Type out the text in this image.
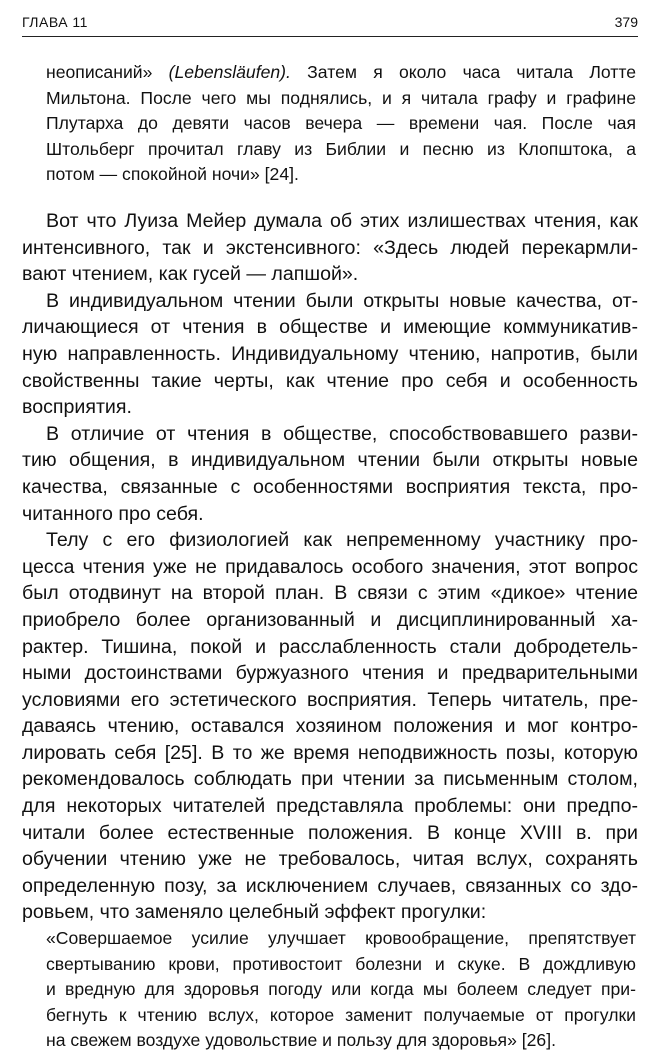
ГЛАВА 11	379
неописаний» (Lebensläufen). Затем я около часа читала Лотте
Мильтона. После чего мы поднялись, и я читала графу и графине
Плутарха до девяти часов вечера — времени чая. После чая
Штольберг прочитал главу из Библии и песню из Клопштока, а
потом — спокойной ночи» [24].
Вот что Луиза Мейер думала об этих излишествах чтения, как
интенсивного, так и экстенсивного: «Здесь людей перекармли-
вают чтением, как гусей — лапшой».
В индивидуальном чтении были открыты новые качества, от-
личающиеся от чтения в обществе и имеющие коммуникатив-
ную направленность. Индивидуальному чтению, напротив, были
свойственны такие черты, как чтение про себя и особенность
восприятия.
В отличие от чтения в обществе, способствовавшего разви-
тию общения, в индивидуальном чтении были открыты новые
качества, связанные с особенностями восприятия текста, про-
читанного про себя.
Телу с его физиологией как непременному участнику про-
цесса чтения уже не придавалось особого значения, этот вопрос
был отодвинут на второй план. В связи с этим «дикое» чтение
приобрело более организованный и дисциплинированный ха-
рактер. Тишина, покой и расслабленность стали добродетель-
ными достоинствами буржуазного чтения и предварительными
условиями его эстетического восприятия. Теперь читатель, пре-
даваясь чтению, оставался хозяином положения и мог контро-
лировать себя [25]. В то же время неподвижность позы, которую
рекомендовалось соблюдать при чтении за письменным столом,
для некоторых читателей представляла проблемы: они предпо-
читали более естественные положения. В конце XVIII в. при
обучении чтению уже не требовалось, читая вслух, сохранять
определенную позу, за исключением случаев, связанных со здо-
ровьем, что заменяло целебный эффект прогулки:
«Совершаемое усилие улучшает кровообращение, препятствует
свертыванию крови, противостоит болезни и скуке. В дождливую
и вредную для здоровья погоду или когда мы болеем следует при-
бегнуть к чтению вслух, которое заменит получаемые от прогулки
на свежем воздухе удовольствие и пользу для здоровья» [26].
